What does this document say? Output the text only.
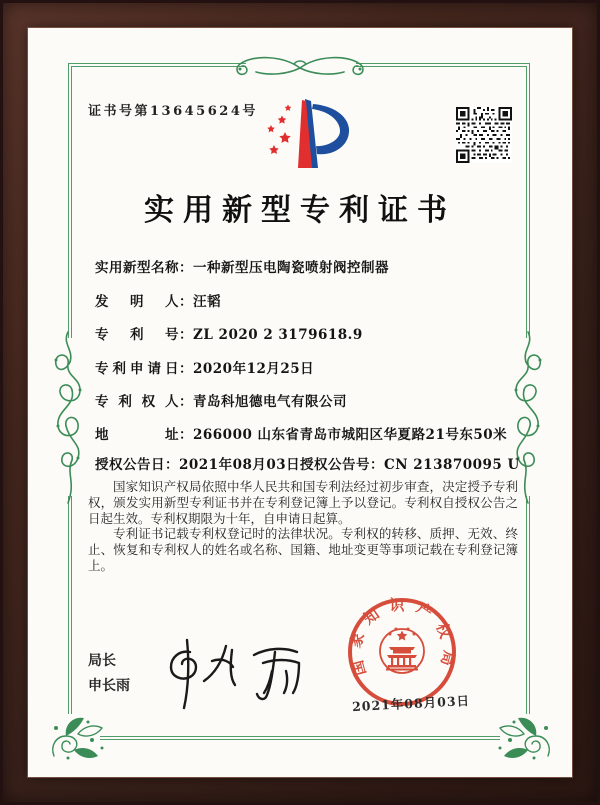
证书号第13645624号
实用新型专利证书
实用新型名称：一种新型压电陶瓷喷射阀控制器
发明人：汪韬
专利号：ZL 2020 2 3179618.9
专利申请日：2020年12月25日
专利权人：青岛科旭德电气有限公司
地址：266000 山东省青岛市城阳区华夏路21号东50米
授权公告日：2021年08月03日 授权公告号：CN 213870095 U

国家知识产权局依照中华人民共和国专利法经过初步审查，决定授予专利权，颁发实用新型专利证书并在专利登记簿上予以登记。专利权自授权公告之日起生效。专利权期限为十年，自申请日起算。

专利证书记载专利权登记时的法律状况。专利权的转移、质押、无效、终止、恢复和专利权人的姓名或名称、国籍、地址变更等事项记载在专利登记簿上。

局长
申长雨
国家知识产权局
2021年08月03日
